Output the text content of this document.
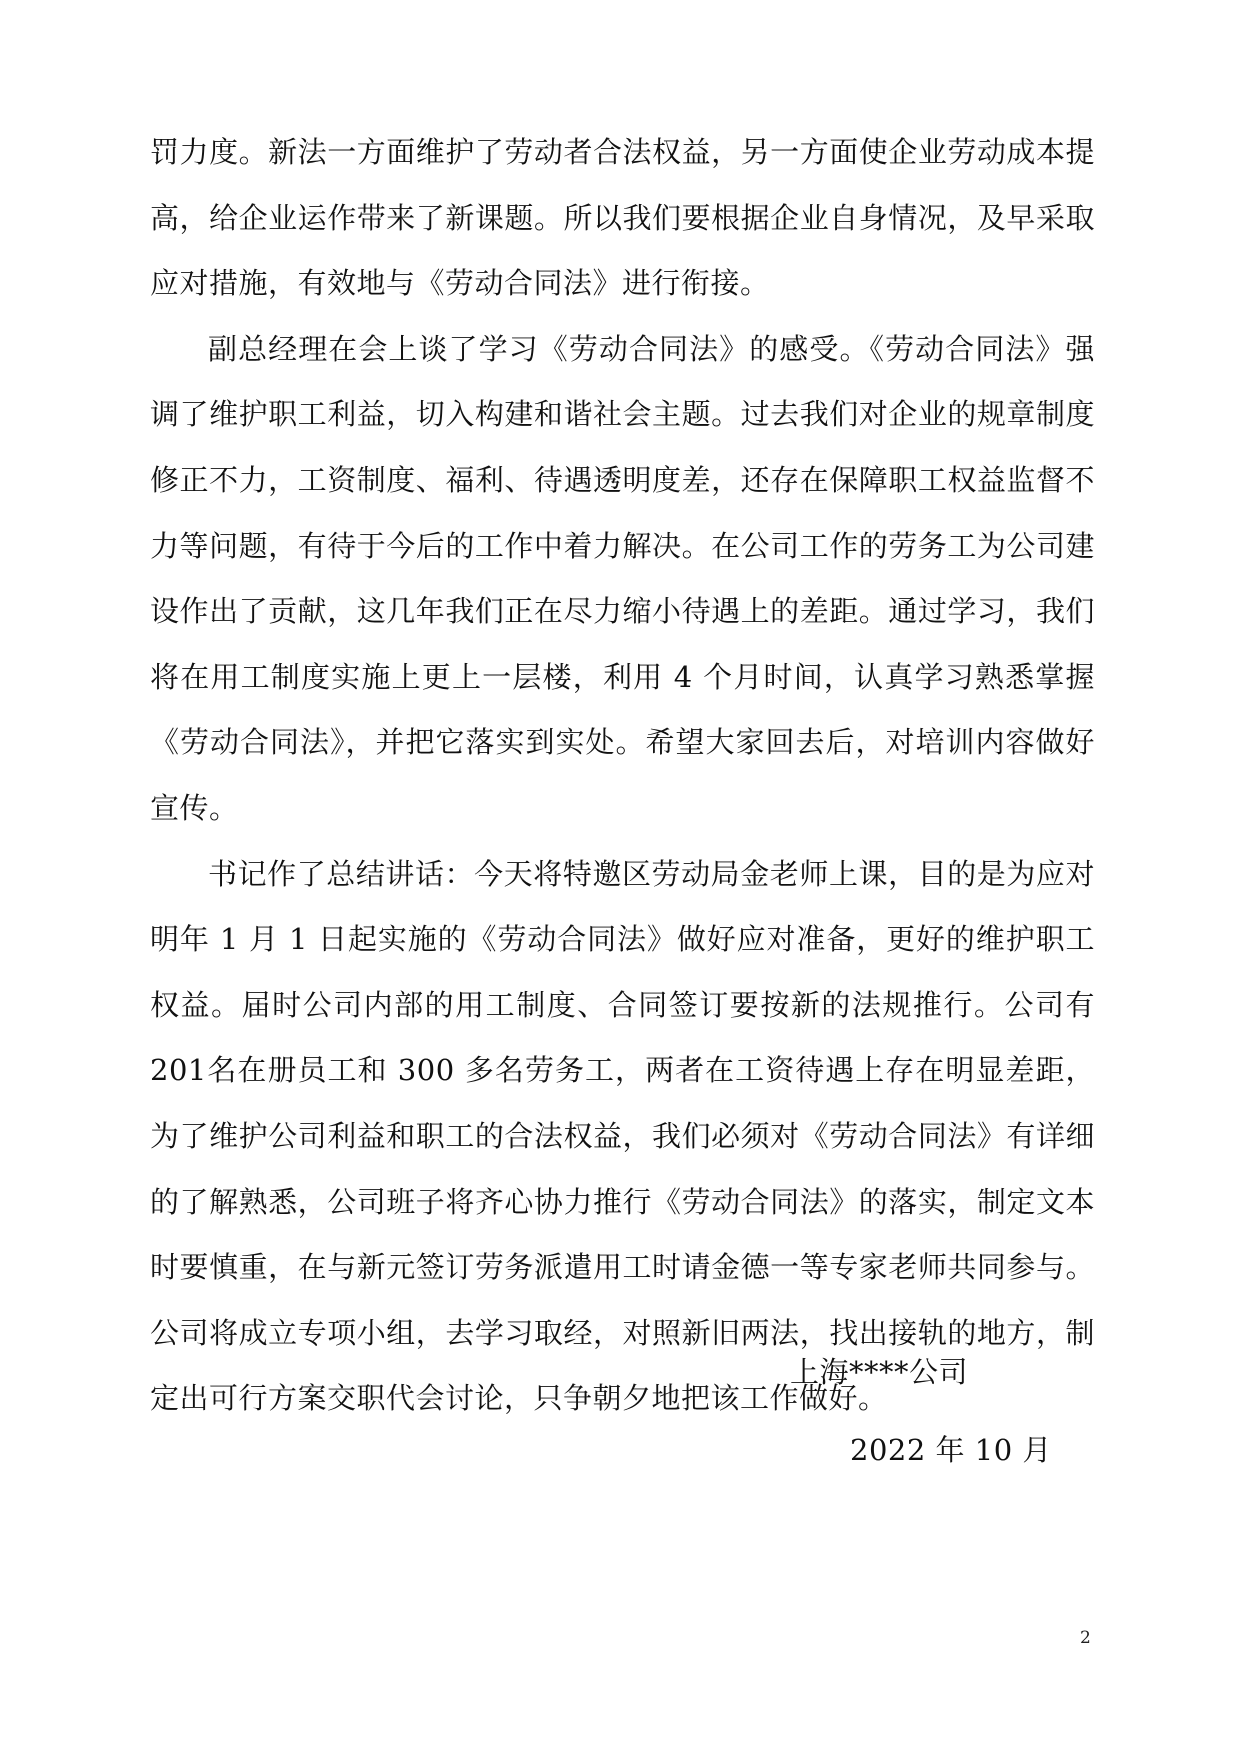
罚力度。新法一方面维护了劳动者合法权益，另一方面使企业劳动成本提高，给企业运作带来了新课题。所以我们要根据企业自身情况，及早采取应对措施，有效地与《劳动合同法》进行衔接。

副总经理在会上谈了学习《劳动合同法》的感受。《劳动合同法》强调了维护职工利益，切入构建和谐社会主题。过去我们对企业的规章制度修正不力，工资制度、福利、待遇透明度差，还存在保障职工权益监督不力等问题，有待于今后的工作中着力解决。在公司工作的劳务工为公司建设作出了贡献，这几年我们正在尽力缩小待遇上的差距。通过学习，我们将在用工制度实施上更上一层楼，利用 4 个月时间，认真学习熟悉掌握《劳动合同法》，并把它落实到实处。希望大家回去后，对培训内容做好宣传。

书记作了总结讲话：今天将特邀区劳动局金老师上课，目的是为应对明年 1 月 1 日起实施的《劳动合同法》做好应对准备，更好的维护职工权益。届时公司内部的用工制度、合同签订要按新的法规推行。公司有 201名在册员工和 300 多名劳务工，两者在工资待遇上存在明显差距，为了维护公司利益和职工的合法权益，我们必须对《劳动合同法》有详细的了解熟悉，公司班子将齐心协力推行《劳动合同法》的落实，制定文本时要慎重，在与新元签订劳务派遣用工时请金德一等专家老师共同参与。公司将成立专项小组，去学习取经，对照新旧两法，找出接轨的地方，制定出可行方案交职代会讨论，只争朝夕地把该工作做好。

上海****公司
2022 年 10 月
2
